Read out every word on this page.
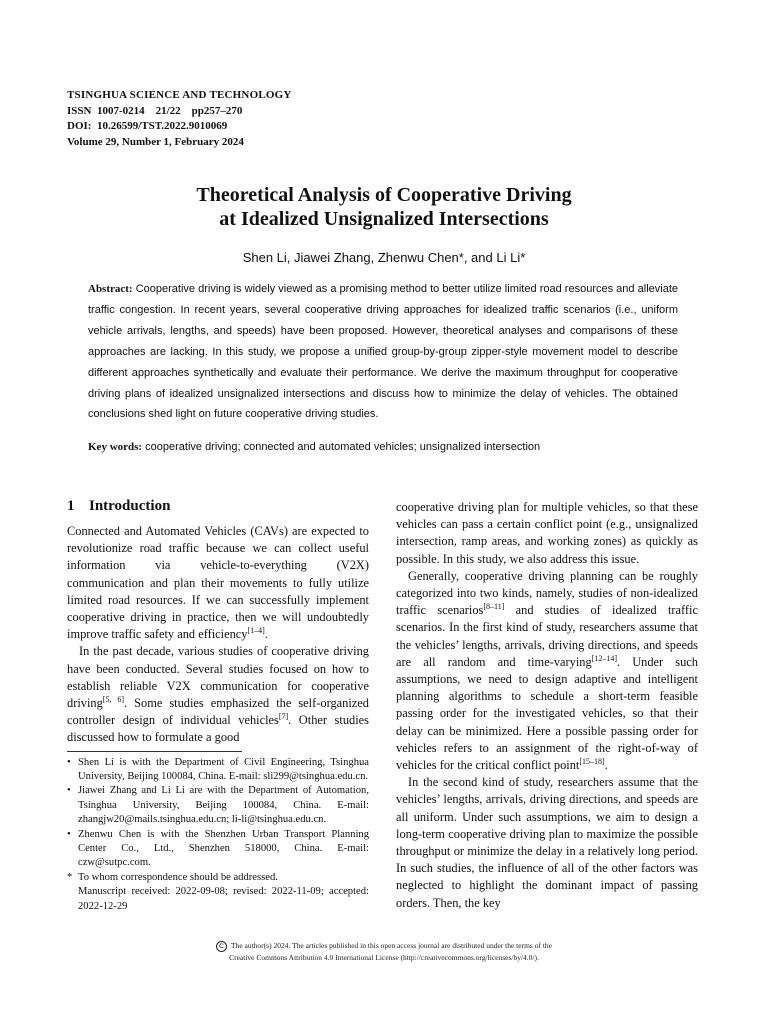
TSINGHUA SCIENCE AND TECHNOLOGY
ISSN  1007-0214    21/22    pp257–270
DOI:  10.26599/TST.2022.9010069
Volume 29, Number 1, February 2024
Theoretical Analysis of Cooperative Driving
at Idealized Unsignalized Intersections
Shen Li, Jiawei Zhang, Zhenwu Chen*, and Li Li*
Abstract: Cooperative driving is widely viewed as a promising method to better utilize limited road resources and alleviate traffic congestion. In recent years, several cooperative driving approaches for idealized traffic scenarios (i.e., uniform vehicle arrivals, lengths, and speeds) have been proposed. However, theoretical analyses and comparisons of these approaches are lacking. In this study, we propose a unified group-by-group zipper-style movement model to describe different approaches synthetically and evaluate their performance. We derive the maximum throughput for cooperative driving plans of idealized unsignalized intersections and discuss how to minimize the delay of vehicles. The obtained conclusions shed light on future cooperative driving studies.
Key words: cooperative driving; connected and automated vehicles; unsignalized intersection
1 Introduction

Connected and Automated Vehicles (CAVs) are expected to revolutionize road traffic because we can collect useful information via vehicle-to-everything (V2X) communication and plan their movements to fully utilize limited road resources. If we can successfully implement cooperative driving in practice, then we will undoubtedly improve traffic safety and efficiency[1–4].

In the past decade, various studies of cooperative driving have been conducted. Several studies focused on how to establish reliable V2X communication for cooperative driving[5, 6]. Some studies emphasized the self-organized controller design of individual vehicles[7]. Other studies discussed how to formulate a good

• Shen Li is with the Department of Civil Engineering, Tsinghua University, Beijing 100084, China. E-mail: sli299@tsinghua.edu.cn.
• Jiawei Zhang and Li Li are with the Department of Automation, Tsinghua University, Beijing 100084, China. E-mail: zhangjw20@mails.tsinghua.edu.cn; li-li@tsinghua.edu.cn.
• Zhenwu Chen is with the Shenzhen Urban Transport Planning Center Co., Ltd., Shenzhen 518000, China. E-mail: czw@sutpc.com.
* To whom correspondence should be addressed.
Manuscript received: 2022-09-08; revised: 2022-11-09; accepted: 2022-12-29

cooperative driving plan for multiple vehicles, so that these vehicles can pass a certain conflict point (e.g., unsignalized intersection, ramp areas, and working zones) as quickly as possible. In this study, we also address this issue.

Generally, cooperative driving planning can be roughly categorized into two kinds, namely, studies of non-idealized traffic scenarios[8–11] and studies of idealized traffic scenarios. In the first kind of study, researchers assume that the vehicles’ lengths, arrivals, driving directions, and speeds are all random and time-varying[12–14]. Under such assumptions, we need to design adaptive and intelligent planning algorithms to schedule a short-term feasible passing order for the investigated vehicles, so that their delay can be minimized. Here a possible passing order for vehicles refers to an assignment of the right-of-way of vehicles for the critical conflict point[15–18].

In the second kind of study, researchers assume that the vehicles’ lengths, arrivals, driving directions, and speeds are all uniform. Under such assumptions, we aim to design a long-term cooperative driving plan to maximize the possible throughput or minimize the delay in a relatively long period. In such studies, the influence of all of the other factors was neglected to highlight the dominant impact of passing orders. Then, the key

C The author(s) 2024. The articles published in this open access journal are distributed under the terms of the
Creative Commons Attribution 4.0 International License (http://creativecommons.org/licenses/by/4.0/).
